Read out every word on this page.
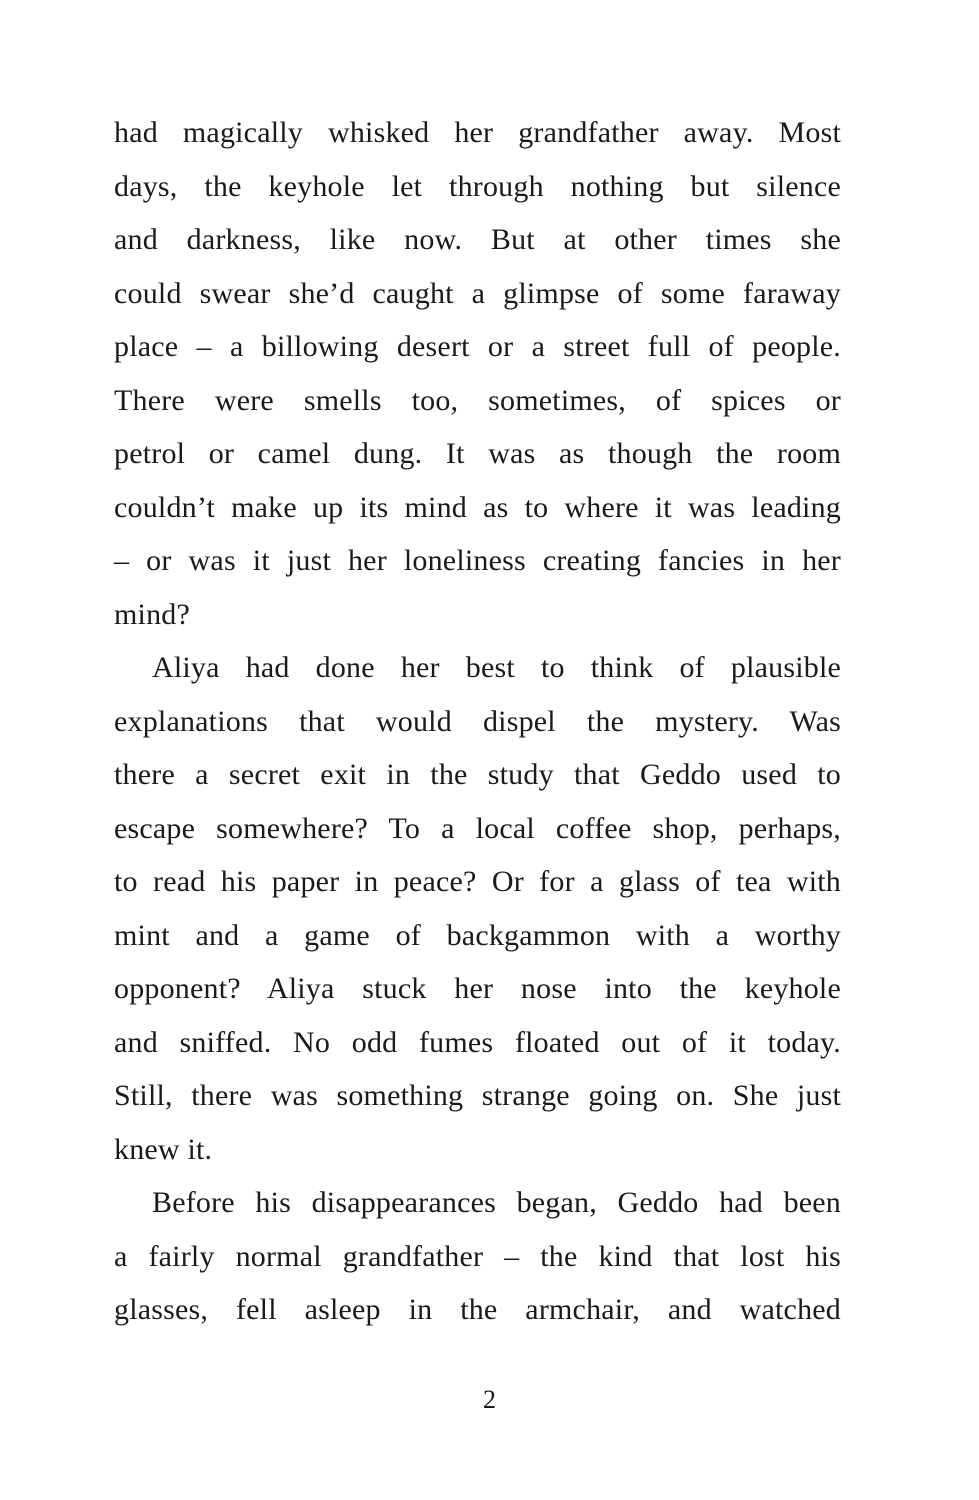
had magically whisked her grandfather away. Most
days, the keyhole let through nothing but silence
and darkness, like now. But at other times she
could swear she’d caught a glimpse of some faraway
place – a billowing desert or a street full of people.
There were smells too, sometimes, of spices or
petrol or camel dung. It was as though the room
couldn’t make up its mind as to where it was leading
– or was it just her loneliness creating fancies in her
mind?
Aliya had done her best to think of plausible
explanations that would dispel the mystery. Was
there a secret exit in the study that Geddo used to
escape somewhere? To a local coffee shop, perhaps,
to read his paper in peace? Or for a glass of tea with
mint and a game of backgammon with a worthy
opponent? Aliya stuck her nose into the keyhole
and sniffed. No odd fumes floated out of it today.
Still, there was something strange going on. She just
knew it.
Before his disappearances began, Geddo had been
a fairly normal grandfather – the kind that lost his
glasses, fell asleep in the armchair, and watched
2
